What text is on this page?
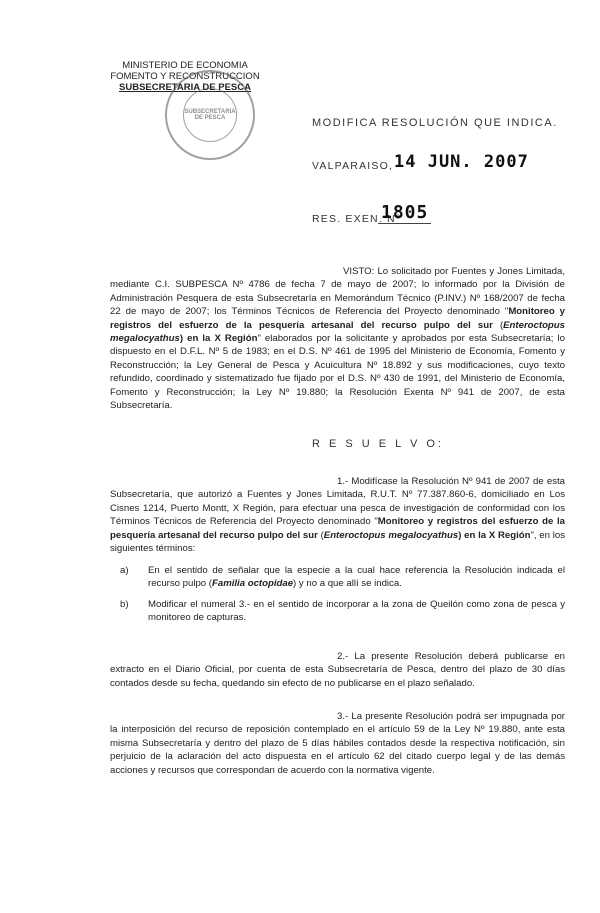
MINISTERIO DE ECONOMIA
FOMENTO Y RECONSTRUCCION
SUBSECRETARIA DE PESCA
SUBSECRETARIA DE PESCA	MODIFICA RESOLUCIÓN QUE INDICA.
VALPARAISO, 14 JUN. 2007
RES. EXEN. Nº
1805
VISTO: Lo solicitado por Fuentes y Jones Limitada, mediante C.I. SUBPESCA Nº 4786 de fecha 7 de mayo de 2007; lo informado por la División de Administración Pesquera de esta Subsecretaría en Memorándum Técnico (P.INV.) Nº 168/2007 de fecha 22 de mayo de 2007; los Términos Técnicos de Referencia del Proyecto denominado "Monitoreo y registros del esfuerzo de la pesquería artesanal del recurso pulpo del sur (Enteroctopus megalocyathus) en la X Región" elaborados por la solicitante y aprobados por esta Subsecretaría; lo dispuesto en el D.F.L. Nº 5 de 1983; en el D.S. Nº 461 de 1995 del Ministerio de Economía, Fomento y Reconstrucción; la Ley General de Pesca y Acuicultura Nº 18.892 y sus modificaciones, cuyo texto refundido, coordinado y sistematizado fue fijado por el D.S. Nº 430 de 1991, del Ministerio de Economía, Fomento y Reconstrucción; la Ley Nº 19.880; la Resolución Exenta Nº 941 de 2007, de esta Subsecretaría.
R E S U E L V O:
1.- Modifícase la Resolución Nº 941 de 2007 de esta Subsecretaría, que autorizó a Fuentes y Jones Limitada, R.U.T. Nº 77.387.860-6, domiciliado en Los Cisnes 1214, Puerto Montt, X Región, para efectuar una pesca de investigación de conformidad con los Términos Técnicos de Referencia del Proyecto denominado "Monitoreo y registros del esfuerzo de la pesquería artesanal del recurso pulpo del sur (Enteroctopus megalocyathus) en la X Región", en los siguientes términos:
a) En el sentido de señalar que la especie a la cual hace referencia la Resolución indicada el recurso pulpo (Familia octopidae) y no a que allí se indica.
b) Modificar el numeral 3.- en el sentido de incorporar a la zona de Queilón como zona de pesca y monitoreo de capturas.
2.- La presente Resolución deberá publicarse en extracto en el Diario Oficial, por cuenta de esta Subsecretaría de Pesca, dentro del plazo de 30 días contados desde su fecha, quedando sin efecto de no publicarse en el plazo señalado.
3.- La presente Resolución podrá ser impugnada por la interposición del recurso de reposición contemplado en el artículo 59 de la Ley Nº 19.880, ante esta misma Subsecretaría y dentro del plazo de 5 días hábiles contados desde la respectiva notificación, sin perjuicio de la aclaración del acto dispuesta en el artículo 62 del citado cuerpo legal y de las demás acciones y recursos que correspondan de acuerdo con la normativa vigente.
